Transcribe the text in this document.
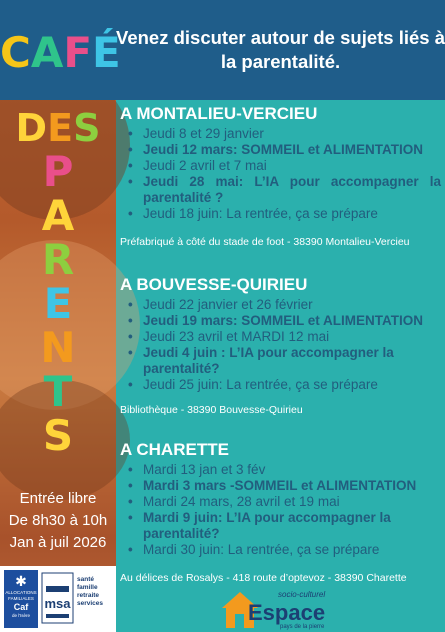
CAFÉ
DES
P
A
R
E
N
T
S
Entrée libre
De 8h30 à 10h
Jan à juil 2026
✱
ALLOCATIONS
FAMILIALES
Caf
de l'Isère
msa
santé
famille
retraite
services
Venez discuter autour de sujets liés à
la parentalité.
A MONTALIEU-VERCIEU
• Jeudi 8 et 29 janvier
• Jeudi 12 mars: SOMMEIL et ALIMENTATION
• Jeudi 2 avril et 7 mai
• Jeudi 28 mai: L’IA pour accompagner la parentalité ?
• Jeudi 18 juin: La rentrée, ça se prépare
Préfabriqué à côté du stade de foot - 38390 Montalieu-Vercieu
A BOUVESSE-QUIRIEU
• Jeudi 22 janvier et 26 février
• Jeudi 19 mars: SOMMEIL et ALIMENTATION
• Jeudi 23 avril et MARDI 12 mai
• Jeudi 4 juin : L’IA pour accompagner la parentalité?
• Jeudi 25 juin: La rentrée, ça se prépare
Bibliothèque - 38390 Bouvesse-Quirieu
A CHARETTE
• Mardi 13 jan et 3 fév
• Mardi 3 mars -SOMMEIL et ALIMENTATION
• Mardi 24 mars, 28 avril et 19 mai
• Mardi 9 juin: L’IA pour accompagner la parentalité?
• Mardi 30 juin: La rentrée, ça se prépare
Au délices de Rosalys - 418 route d’optevoz - 38390 Charette
socio-culturel
Espace
pays de la pierre
